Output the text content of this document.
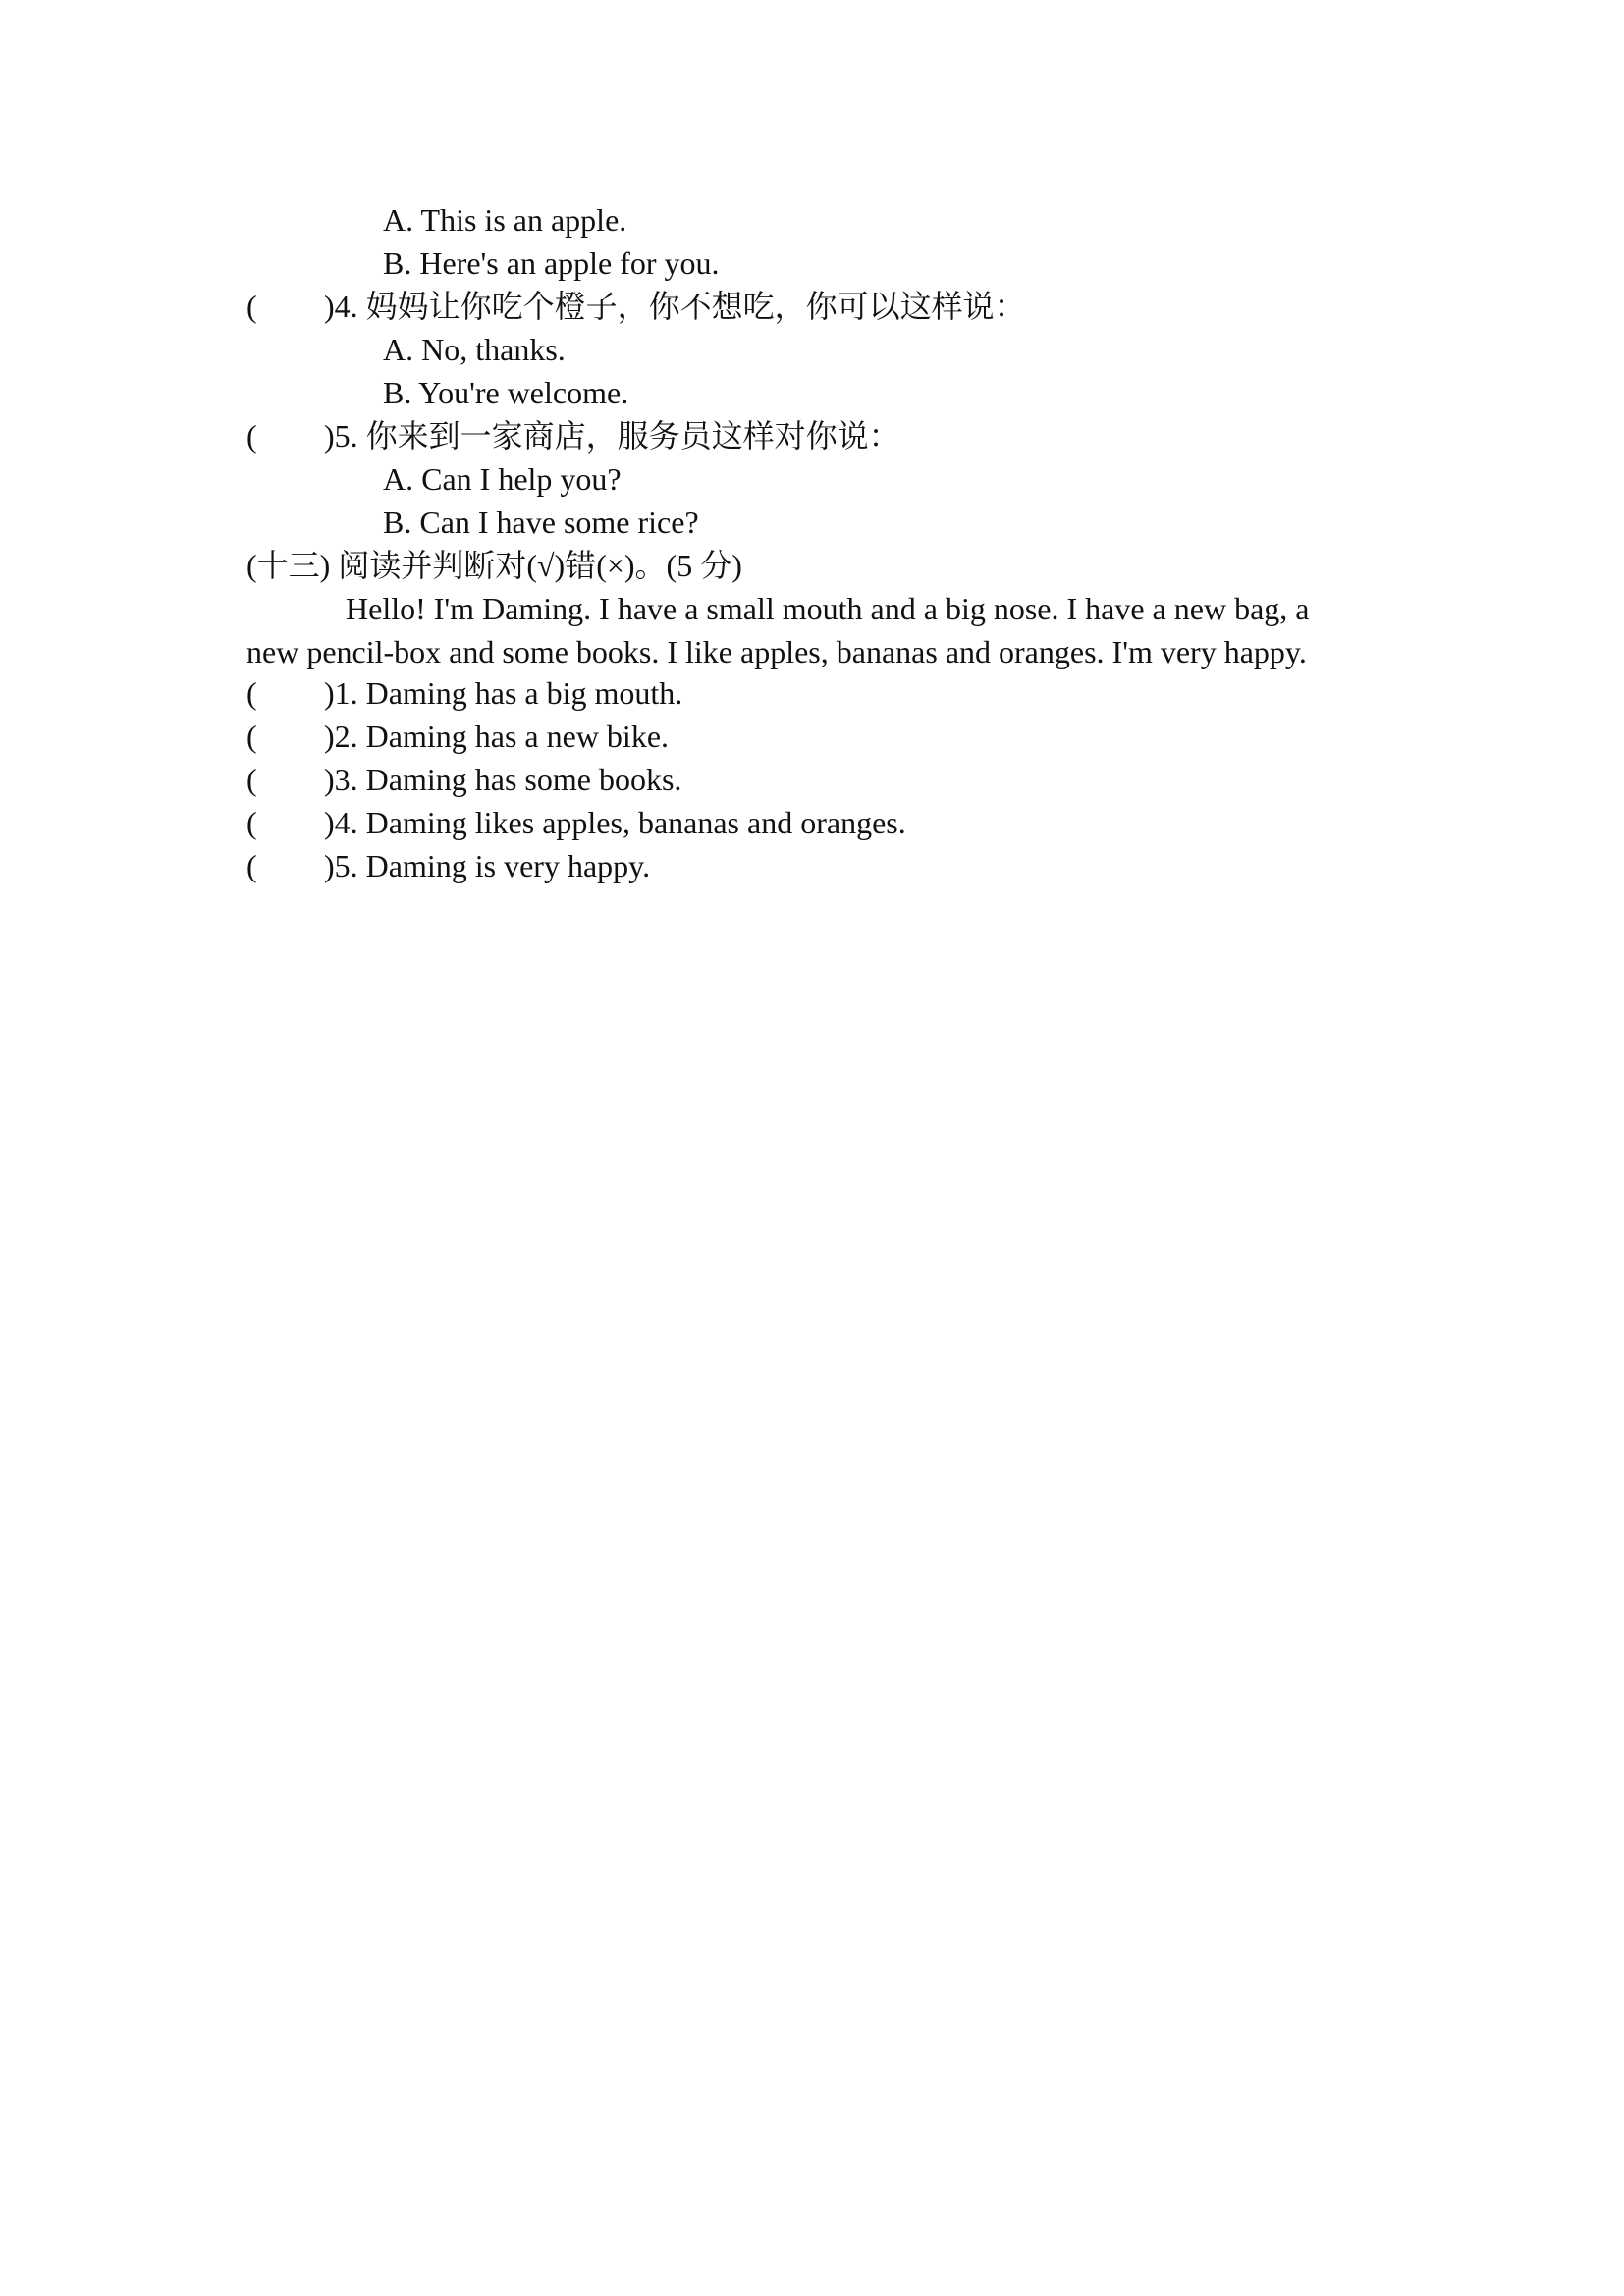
A. This is an apple.
B. Here's an apple for you.
( )4. 妈妈让你吃个橙子，你不想吃，你可以这样说：
A. No, thanks.
B. You're welcome.
( )5. 你来到一家商店，服务员这样对你说：
A. Can I help you?
B. Can I have some rice?
(十三) 阅读并判断对(√)错(×)。(5 分)
Hello! I'm Daming. I have a small mouth and a big nose. I have a new bag, a
new pencil-box and some books. I like apples, bananas and oranges. I'm very happy.
( )1. Daming has a big mouth.
( )2. Daming has a new bike.
( )3. Daming has some books.
( )4. Daming likes apples, bananas and oranges.
( )5. Daming is very happy.
